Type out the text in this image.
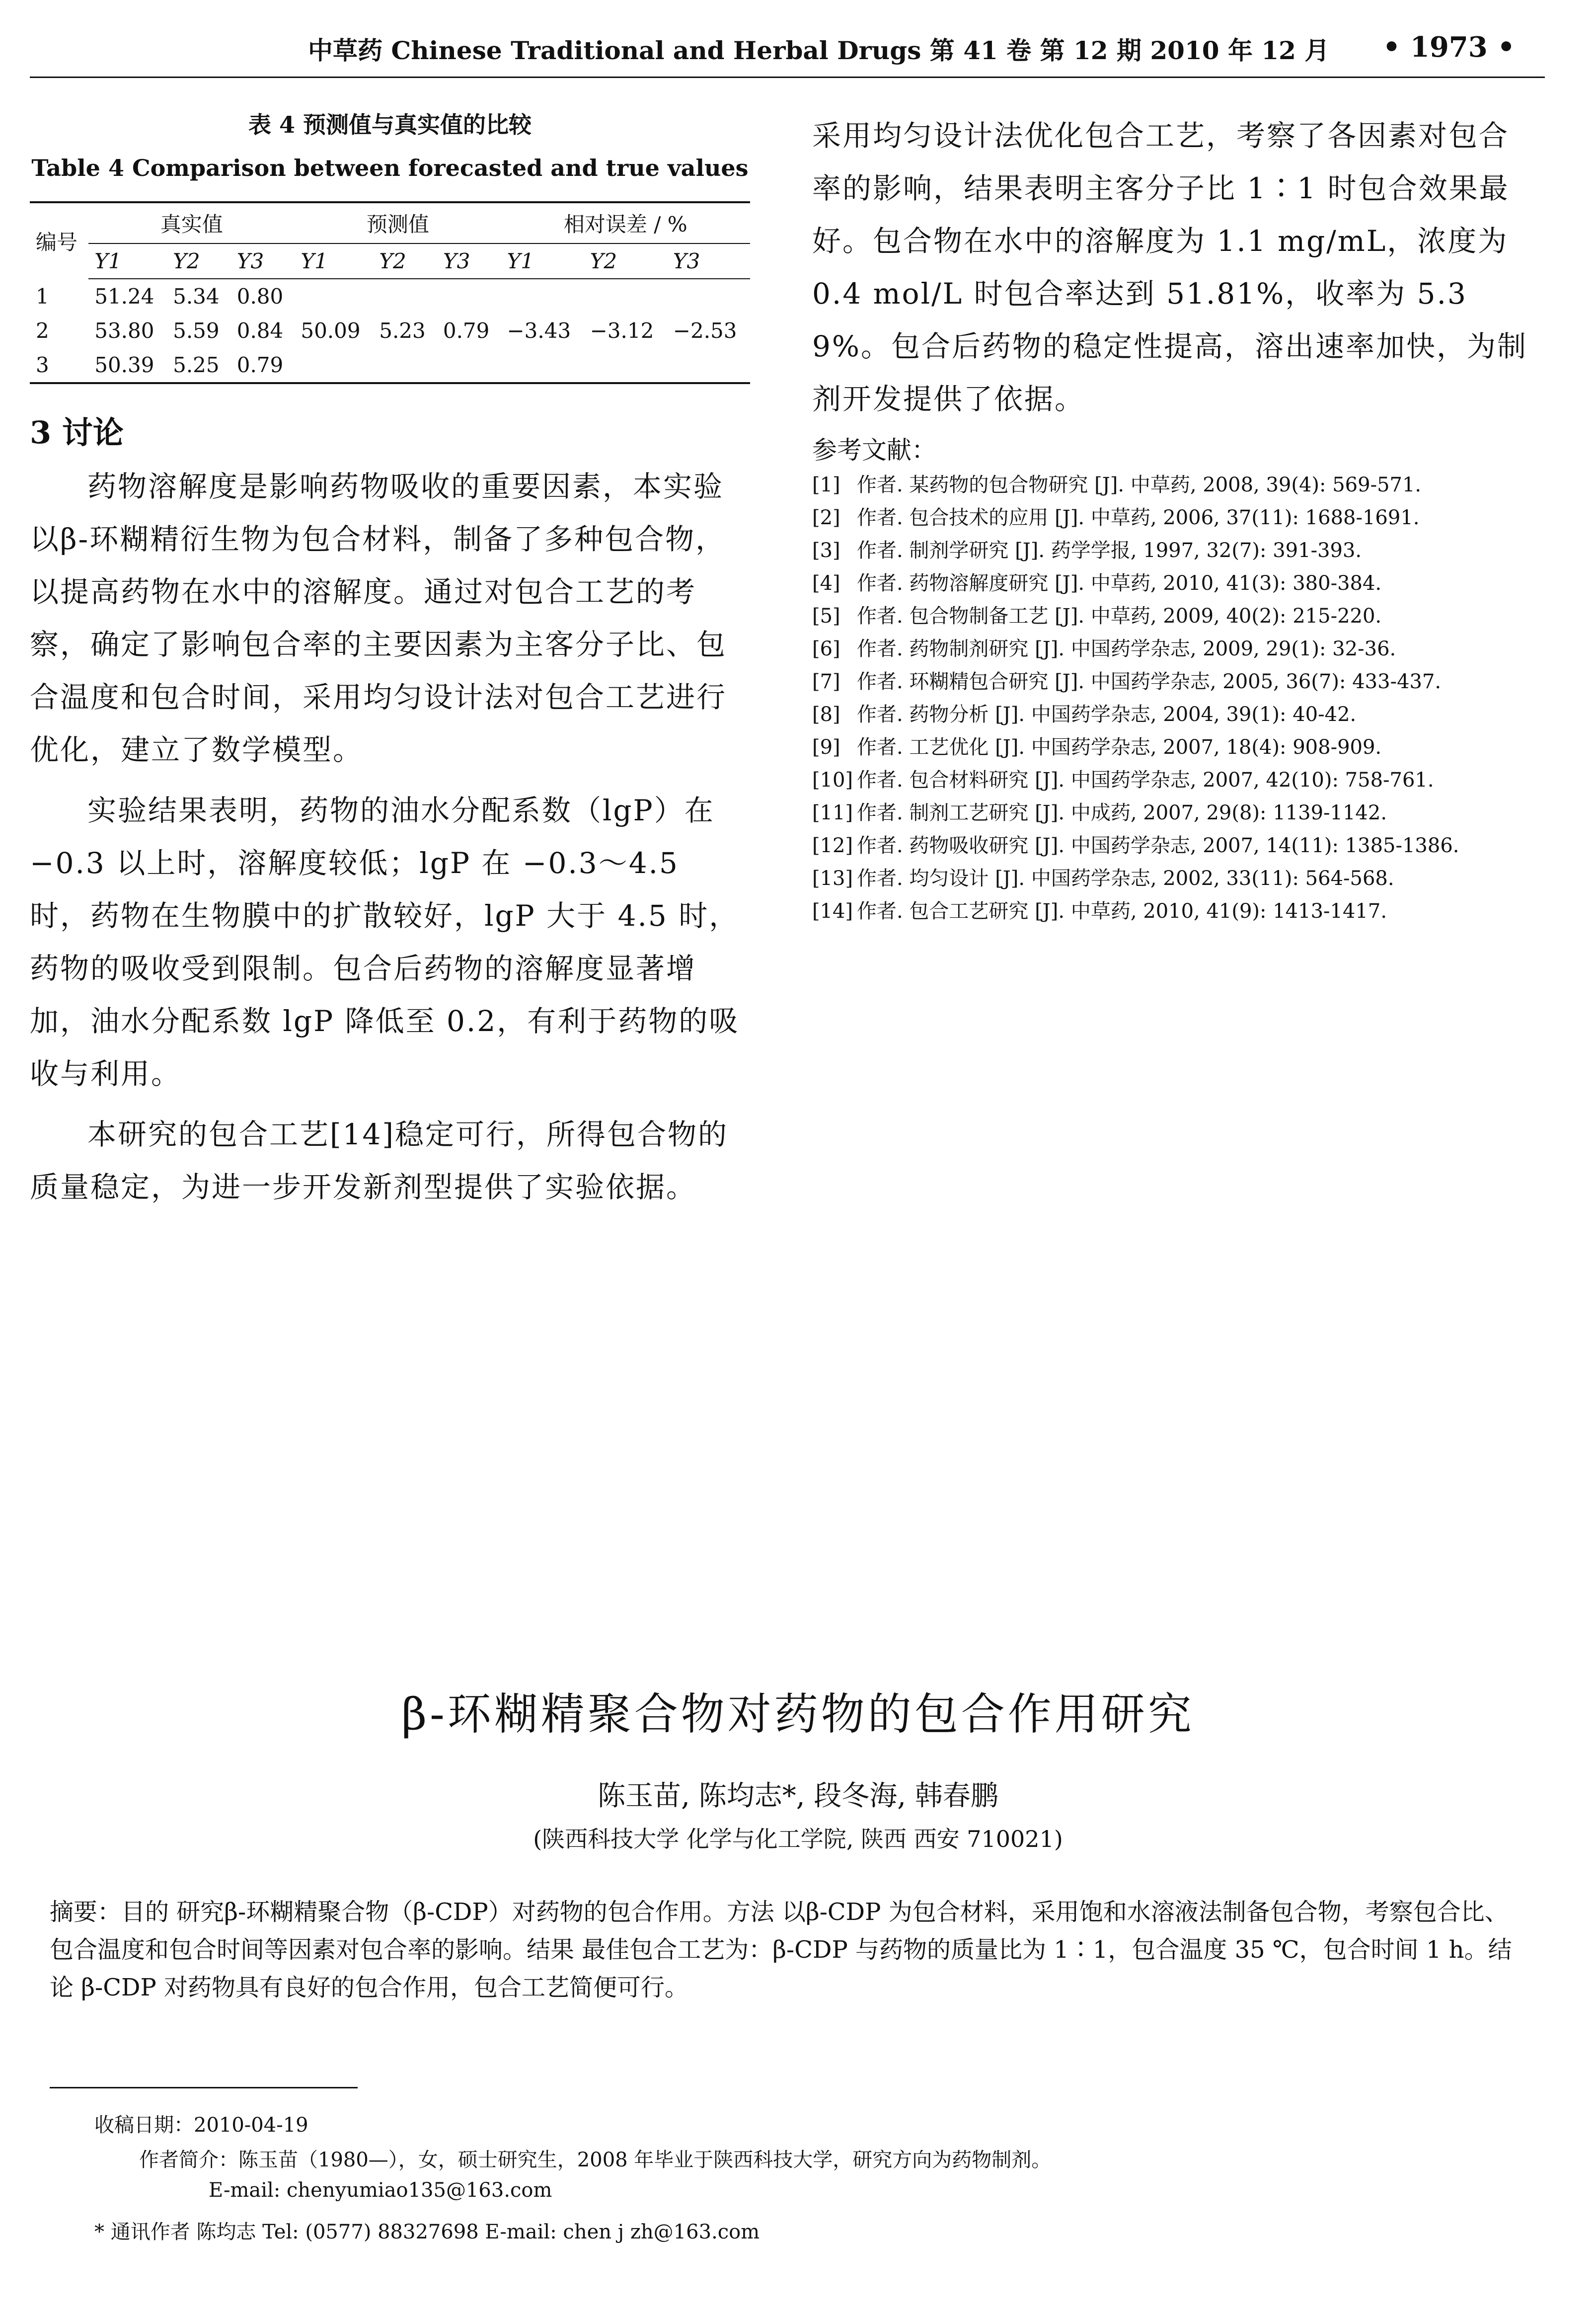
中草药 Chinese Traditional and Herbal Drugs 第 41 卷 第 12 期 2010 年 12 月 • 1973 •
表 4 预测值与真实值的比较
Table 4 Comparison between forecasted and true values
编号	真实值			预测值			相对误差 / %		
	Y1	Y2	Y3	Y1	Y2	Y3	Y1	Y2	Y3
1	51.24	5.34	0.80						
2	53.80	5.59	0.84	50.09	5.23	0.79	−3.43	−3.12	−2.53
3	50.39	5.25	0.79						
3 讨论

药物溶解度是影响药物吸收的重要因素，本实验以β-环糊精衍生物为包合材料，制备了多种包合物，以提高药物在水中的溶解度。通过对包合工艺的考察，确定了影响包合率的主要因素为主客分子比、包合温度和包合时间，采用均匀设计法对包合工艺进行优化，建立了数学模型。

实验结果表明，药物的油水分配系数（lgP）在 −0.3 以上时，溶解度较低；lgP 在 −0.3～4.5 时，药物在生物膜中的扩散较好，lgP 大于 4.5 时，药物的吸收受到限制。包合后药物的溶解度显著增加，油水分配系数 lgP 降低至 0.2，有利于药物的吸收与利用。

本研究的包合工艺[14]稳定可行，所得包合物的质量稳定，为进一步开发新剂型提供了实验依据。

采用均匀设计法优化包合工艺，考察了各因素对包合率的影响，结果表明主客分子比 1∶1 时包合效果最好。包合物在水中的溶解度为 1.1 mg/mL，浓度为 0.4 mol/L 时包合率达到 51.81%，收率为 5.39%。包合后药物的稳定性提高，溶出速率加快，为制剂开发提供了依据。

参考文献：
[1] 作者. 某药物的包合物研究 [J]. 中草药, 2008, 39(4): 569-571.
[2] 作者. 包合技术的应用 [J]. 中草药, 2006, 37(11): 1688-1691.
[3] 作者. 制剂学研究 [J]. 药学学报, 1997, 32(7): 391-393.
[4] 作者. 药物溶解度研究 [J]. 中草药, 2010, 41(3): 380-384.
[5] 作者. 包合物制备工艺 [J]. 中草药, 2009, 40(2): 215-220.
[6] 作者. 药物制剂研究 [J]. 中国药学杂志, 2009, 29(1): 32-36.
[7] 作者. 环糊精包合研究 [J]. 中国药学杂志, 2005, 36(7): 433-437.
[8] 作者. 药物分析 [J]. 中国药学杂志, 2004, 39(1): 40-42.
[9] 作者. 工艺优化 [J]. 中国药学杂志, 2007, 18(4): 908-909.
[10] 作者. 包合材料研究 [J]. 中国药学杂志, 2007, 42(10): 758-761.
[11] 作者. 制剂工艺研究 [J]. 中成药, 2007, 29(8): 1139-1142.
[12] 作者. 药物吸收研究 [J]. 中国药学杂志, 2007, 14(11): 1385-1386.
[13] 作者. 均匀设计 [J]. 中国药学杂志, 2002, 33(11): 564-568.
[14] 作者. 包合工艺研究 [J]. 中草药, 2010, 41(9): 1413-1417.
β-环糊精聚合物对药物的包合作用研究
陈玉苗, 陈均志*, 段冬海, 韩春鹏
(陕西科技大学 化学与化工学院, 陕西 西安 710021)
摘要：目的 研究β-环糊精聚合物（β-CDP）对药物的包合作用。方法 以β-CDP 为包合材料，采用饱和水溶液法制备包合物，考察包合比、包合温度和包合时间等因素对包合率的影响。结果 最佳包合工艺为：β-CDP 与药物的质量比为 1∶1，包合温度 35 ℃，包合时间 1 h。结论 β-CDP 对药物具有良好的包合作用，包合工艺简便可行。
收稿日期：2010-04-19
作者简介：陈玉苗（1980—），女，硕士研究生，2008 年毕业于陕西科技大学，研究方向为药物制剂。
E-mail: chenyumiao135@163.com
* 通讯作者 陈均志 Tel: (0577) 88327698 E-mail: chen j zh@163.com
